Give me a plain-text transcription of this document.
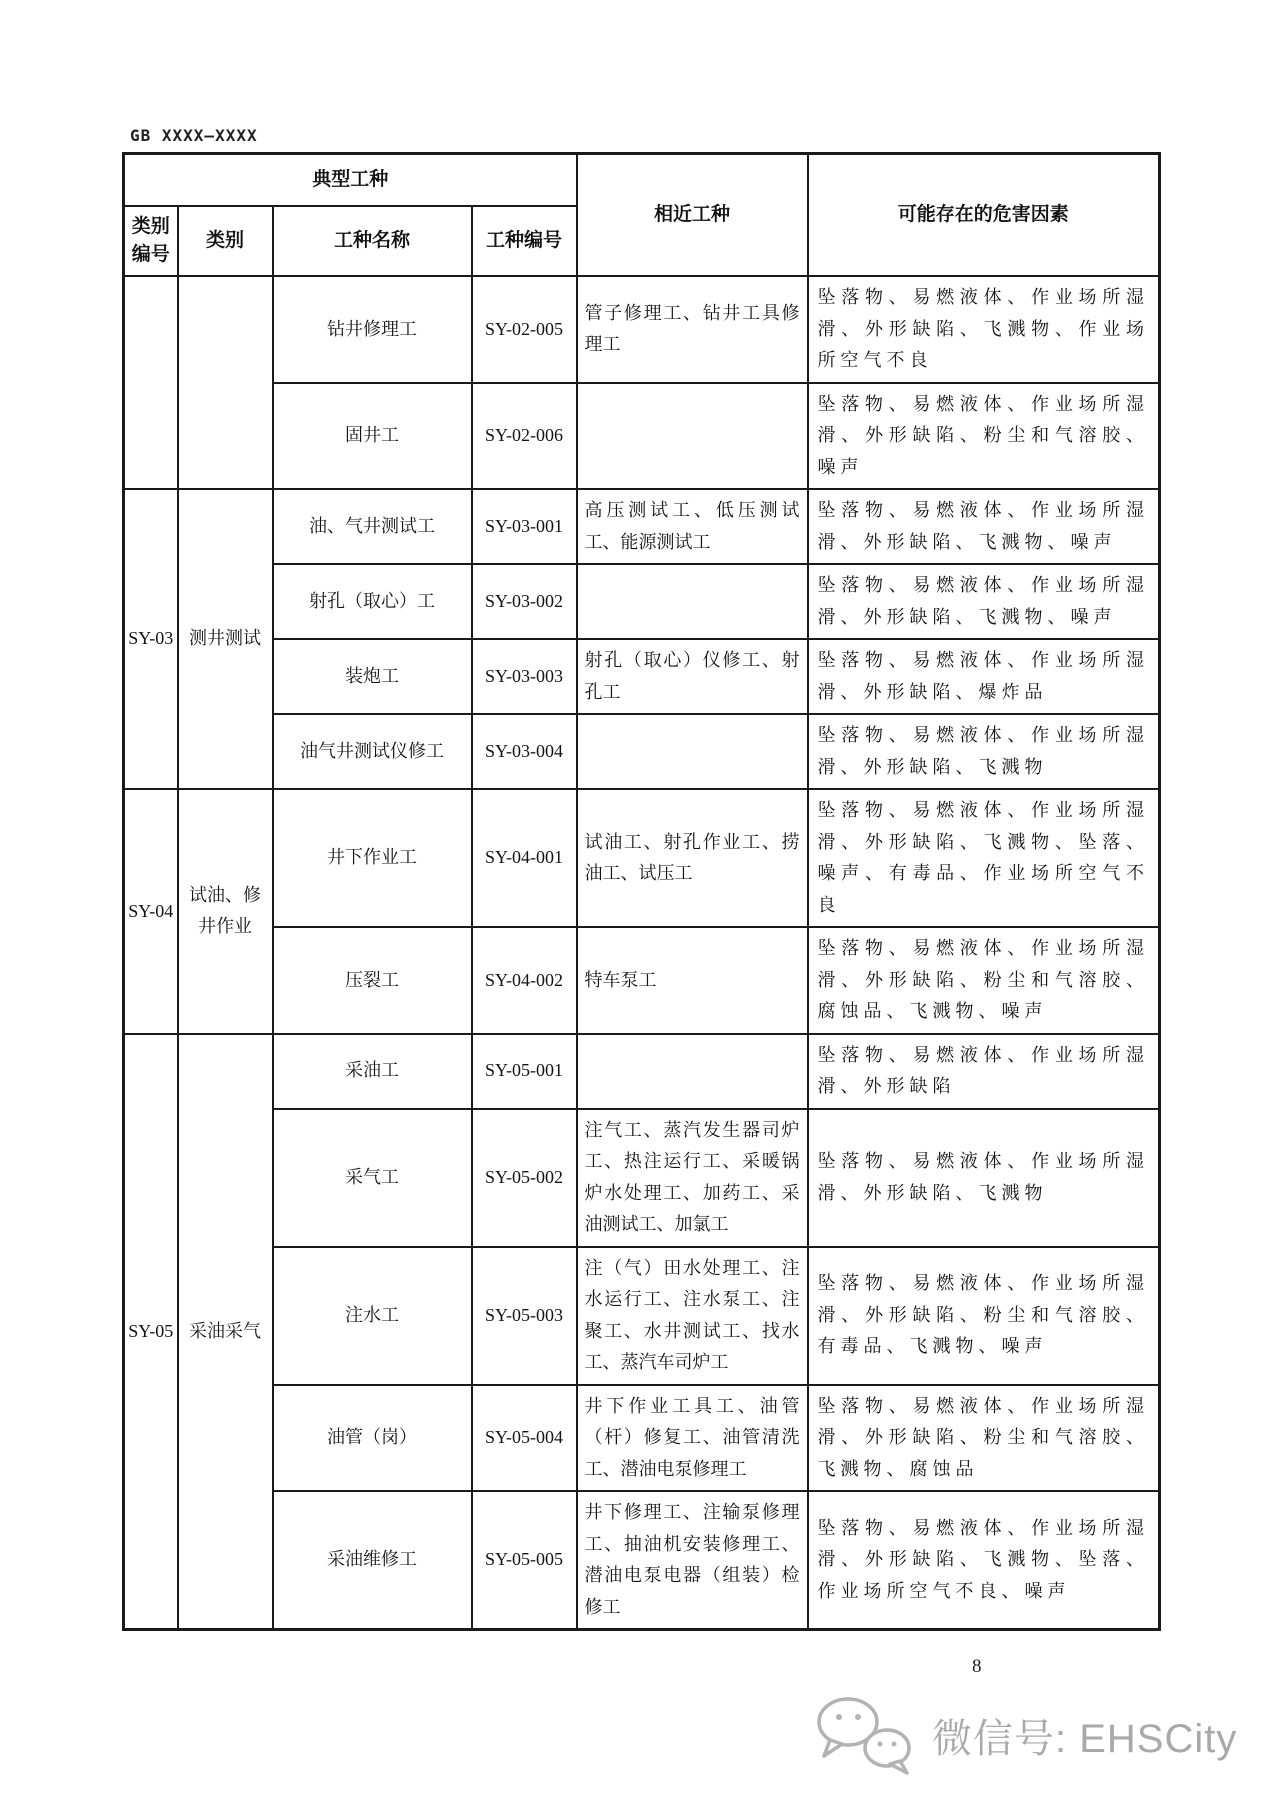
GB XXXX—XXXX
典型工种				相近工种	可能存在的危害因素
类别编号	类别	工种名称	工种编号		
		钻井修理工	SY-02-005	管子修理工、钻井工具修理工	坠落物、易燃液体、作业场所湿滑、外形缺陷、飞溅物、作业场所空气不良
		固井工	SY-02-006		坠落物、易燃液体、作业场所湿滑、外形缺陷、粉尘和气溶胶、噪声
SY-03	测井测试	油、气井测试工	SY-03-001	高压测试工、低压测试工、能源测试工	坠落物、易燃液体、作业场所湿滑、外形缺陷、飞溅物、噪声
		射孔（取心）工	SY-03-002		坠落物、易燃液体、作业场所湿滑、外形缺陷、飞溅物、噪声
		装炮工	SY-03-003	射孔（取心）仪修工、射孔工	坠落物、易燃液体、作业场所湿滑、外形缺陷、爆炸品
		油气井测试仪修工	SY-03-004		坠落物、易燃液体、作业场所湿滑、外形缺陷、飞溅物
SY-04	试油、修井作业	井下作业工	SY-04-001	试油工、射孔作业工、捞油工、试压工	坠落物、易燃液体、作业场所湿滑、外形缺陷、飞溅物、坠落、噪声、有毒品、作业场所空气不良
		压裂工	SY-04-002	特车泵工	坠落物、易燃液体、作业场所湿滑、外形缺陷、粉尘和气溶胶、腐蚀品、飞溅物、噪声
SY-05	采油采气	采油工	SY-05-001		坠落物、易燃液体、作业场所湿滑、外形缺陷
		采气工	SY-05-002	注气工、蒸汽发生器司炉工、热注运行工、采暖锅炉水处理工、加药工、采油测试工、加氯工	坠落物、易燃液体、作业场所湿滑、外形缺陷、飞溅物
		注水工	SY-05-003	注（气）田水处理工、注水运行工、注水泵工、注聚工、水井测试工、找水工、蒸汽车司炉工	坠落物、易燃液体、作业场所湿滑、外形缺陷、粉尘和气溶胶、有毒品、飞溅物、噪声
		油管（岗）	SY-05-004	井下作业工具工、油管（杆）修复工、油管清洗工、潜油电泵修理工	坠落物、易燃液体、作业场所湿滑、外形缺陷、粉尘和气溶胶、飞溅物、腐蚀品
		采油维修工	SY-05-005	井下修理工、注输泵修理工、抽油机安装修理工、潜油电泵电器（组装）检修工	坠落物、易燃液体、作业场所湿滑、外形缺陷、飞溅物、坠落、作业场所空气不良、噪声
8
微信号: EHSCity
